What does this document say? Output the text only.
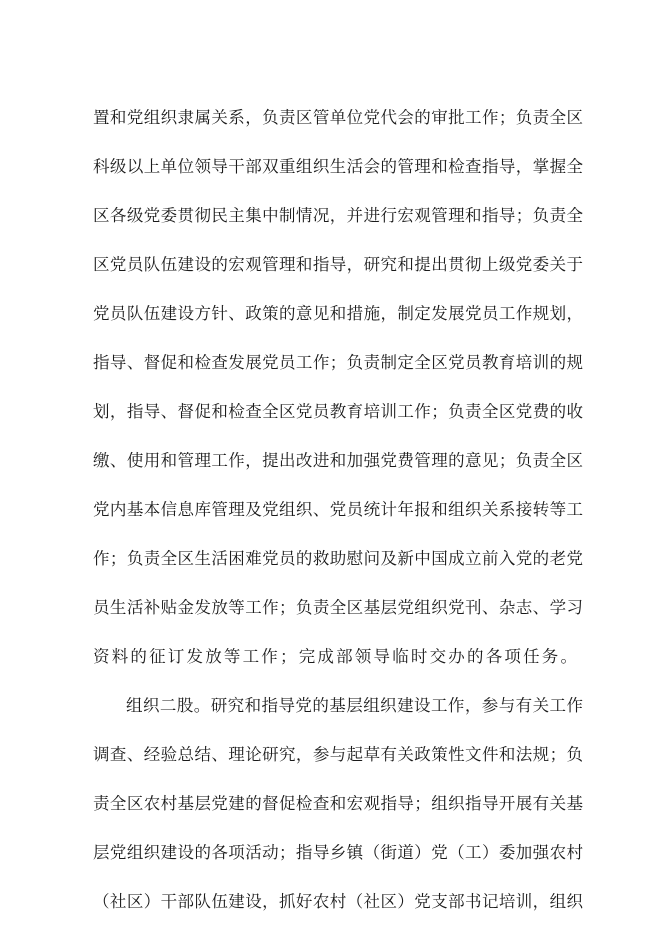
置和党组织隶属关系，负责区管单位党代会的审批工作；负责全区
科级以上单位领导干部双重组织生活会的管理和检查指导，掌握全
区各级党委贯彻民主集中制情况，并进行宏观管理和指导；负责全
区党员队伍建设的宏观管理和指导，研究和提出贯彻上级党委关于
党员队伍建设方针、政策的意见和措施，制定发展党员工作规划，
指导、督促和检查发展党员工作；负责制定全区党员教育培训的规
划，指导、督促和检查全区党员教育培训工作；负责全区党费的收
缴、使用和管理工作，提出改进和加强党费管理的意见；负责全区
党内基本信息库管理及党组织、党员统计年报和组织关系接转等工
作；负责全区生活困难党员的救助慰问及新中国成立前入党的老党
员生活补贴金发放等工作；负责全区基层党组织党刊、杂志、学习
资料的征订发放等工作；完成部领导临时交办的各项任务。
组织二股。研究和指导党的基层组织建设工作，参与有关工作
调查、经验总结、理论研究，参与起草有关政策性文件和法规；负
责全区农村基层党建的督促检查和宏观指导；组织指导开展有关基
层党组织建设的各项活动；指导乡镇（街道）党（工）委加强农村
（社区）干部队伍建设，抓好农村（社区）党支部书记培训，组织
